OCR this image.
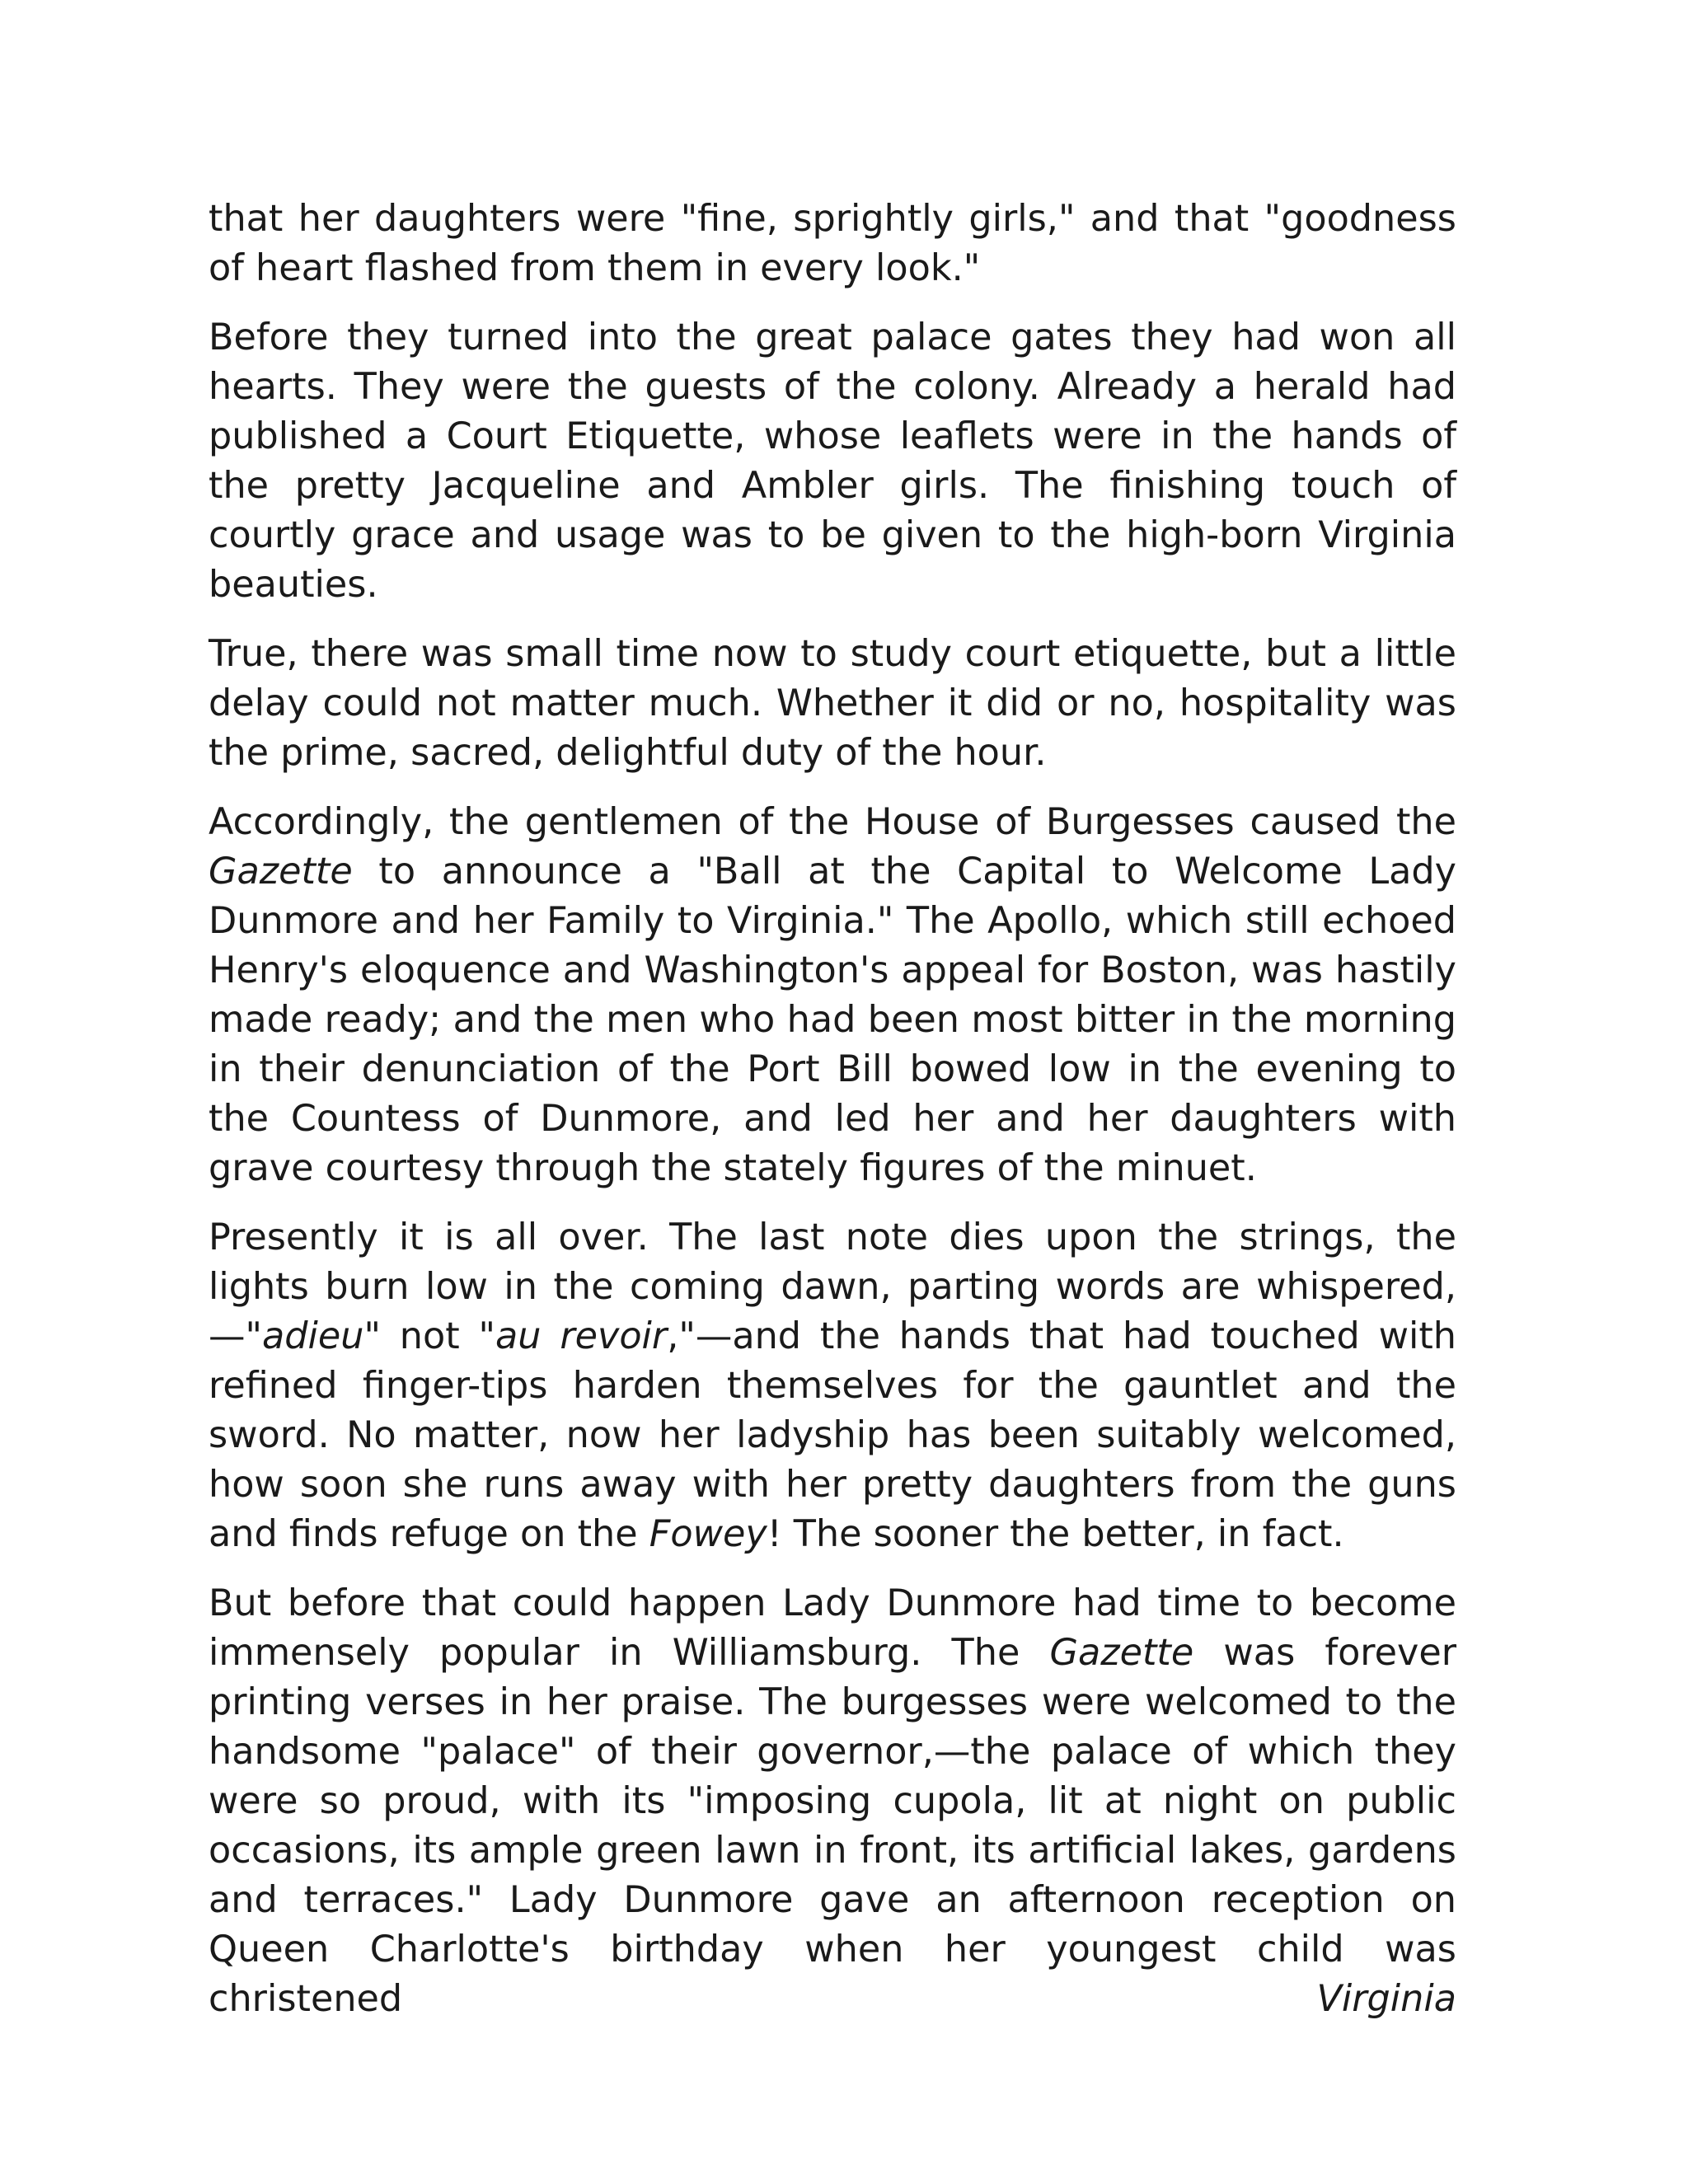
that her daughters were "fine, sprightly girls," and that "goodness of heart flashed from them in every look."

Before they turned into the great palace gates they had won all hearts. They were the guests of the colony. Already a herald had published a Court Etiquette, whose leaflets were in the hands of the pretty Jacqueline and Ambler girls. The finishing touch of courtly grace and usage was to be given to the high-born Virginia beauties.

True, there was small time now to study court etiquette, but a little delay could not matter much. Whether it did or no, hospitality was the prime, sacred, delightful duty of the hour.

Accordingly, the gentlemen of the House of Burgesses caused the Gazette to announce a "Ball at the Capital to Welcome Lady Dunmore and her Family to Virginia." The Apollo, which still echoed Henry's eloquence and Washington's appeal for Boston, was hastily made ready; and the men who had been most bitter in the morning in their denunciation of the Port Bill bowed low in the evening to the Countess of Dunmore, and led her and her daughters with grave courtesy through the stately figures of the minuet.

Presently it is all over. The last note dies upon the strings, the lights burn low in the coming dawn, parting words are whispered,—"adieu" not "au revoir,"—and the hands that had touched with refined finger-tips harden themselves for the gauntlet and the sword. No matter, now her ladyship has been suitably welcomed, how soon she runs away with her pretty daughters from the guns and finds refuge on the Fowey! The sooner the better, in fact.

But before that could happen Lady Dunmore had time to become immensely popular in Williamsburg. The Gazette was forever printing verses in her praise. The burgesses were welcomed to the handsome "palace" of their governor,—the palace of which they were so proud, with its "imposing cupola, lit at night on public occasions, its ample green lawn in front, its artificial lakes, gardens and terraces." Lady Dunmore gave an afternoon reception on Queen Charlotte's birthday when her youngest child was christened Virginia
